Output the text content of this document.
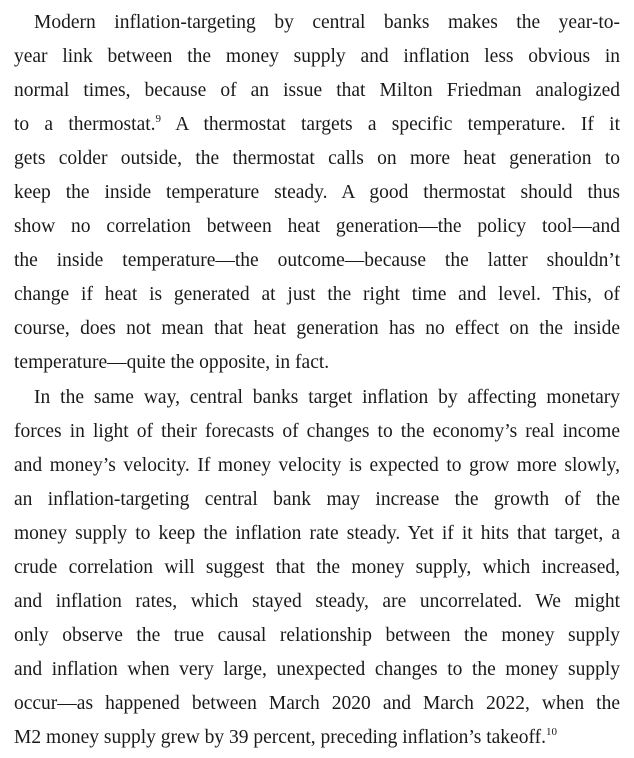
Modern inflation-targeting by central banks makes the year-to-
year link between the money supply and inflation less obvious in
normal times, because of an issue that Milton Friedman analogized
to a thermostat.$^9$ A thermostat targets a specific temperature. If it
gets colder outside, the thermostat calls on more heat generation to
keep the inside temperature steady. A good thermostat should thus
show no correlation between heat generation—the policy tool—and
the inside temperature—the outcome—because the latter shouldn’t
change if heat is generated at just the right time and level. This, of
course, does not mean that heat generation has no effect on the inside
temperature—quite the opposite, in fact.
In the same way, central banks target inflation by affecting monetary
forces in light of their forecasts of changes to the economy’s real income
and money’s velocity. If money velocity is expected to grow more slowly,
an inflation-targeting central bank may increase the growth of the
money supply to keep the inflation rate steady. Yet if it hits that target, a
crude correlation will suggest that the money supply, which increased,
and inflation rates, which stayed steady, are uncorrelated. We might
only observe the true causal relationship between the money supply
and inflation when very large, unexpected changes to the money supply
occur—as happened between March 2020 and March 2022, when the
M2 money supply grew by 39 percent, preceding inflation’s takeoff.$^{10}$
